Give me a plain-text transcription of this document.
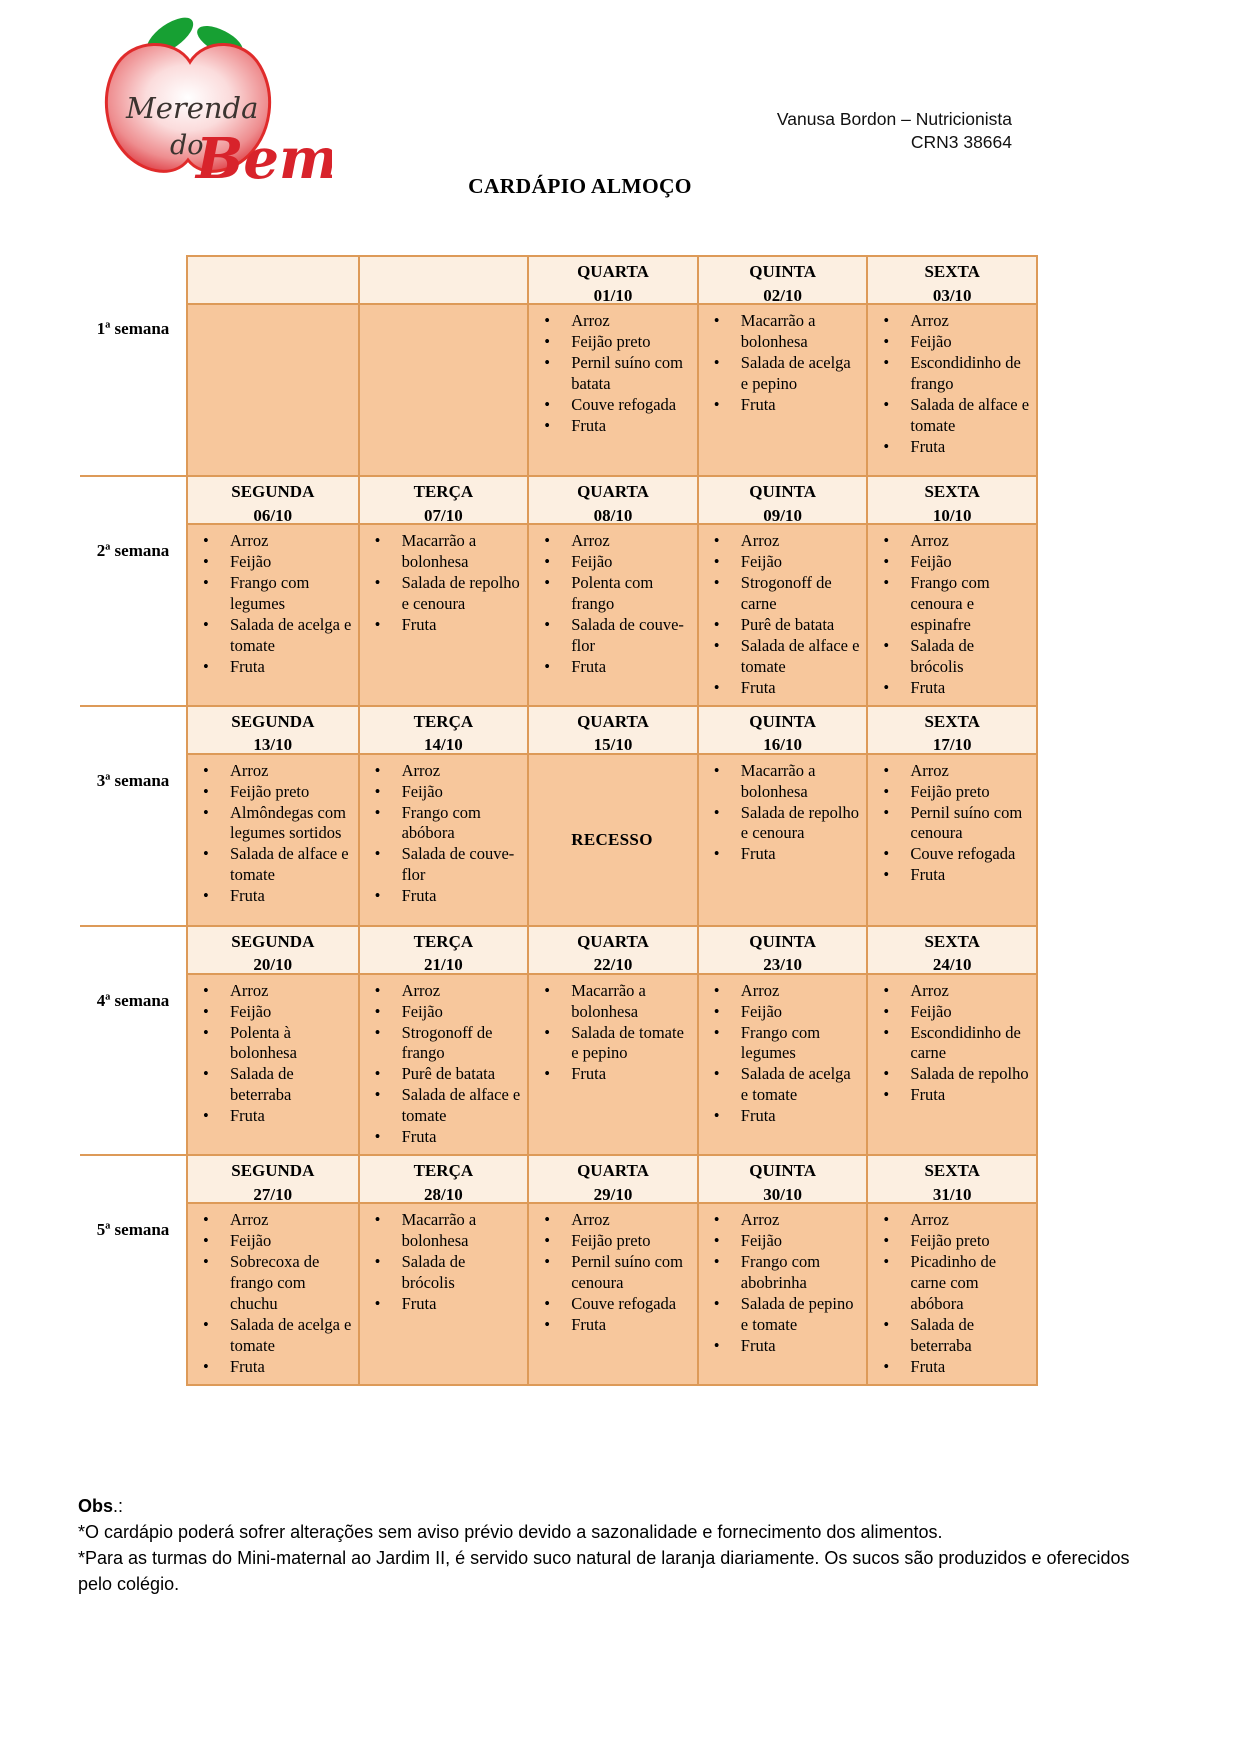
Merenda
do
Bem
Vanusa Bordon – Nutricionista
CRN3 38664
CARDÁPIO ALMOÇO
1ª semana
QUARTA
01/10
QUINTA
02/10
SEXTA
03/10
• Arroz
• Feijão preto
• Pernil suíno com batata
• Couve refogada
• Fruta
• Macarrão a bolonhesa
• Salada de acelga e pepino
• Fruta
• Arroz
• Feijão
• Escondidinho de frango
• Salada de alface e tomate
• Fruta
2ª semana
SEGUNDA
06/10
TERÇA
07/10
QUARTA
08/10
QUINTA
09/10
SEXTA
10/10
• Arroz
• Feijão
• Frango com legumes
• Salada de acelga e tomate
• Fruta
• Macarrão a bolonhesa
• Salada de repolho e cenoura
• Fruta
• Arroz
• Feijão
• Polenta com frango
• Salada de couve-flor
• Fruta
• Arroz
• Feijão
• Strogonoff de carne
• Purê de batata
• Salada de alface e tomate
• Fruta
• Arroz
• Feijão
• Frango com cenoura e espinafre
• Salada de brócolis
• Fruta
3ª semana
SEGUNDA
13/10
TERÇA
14/10
QUARTA
15/10
QUINTA
16/10
SEXTA
17/10
• Arroz
• Feijão preto
• Almôndegas com legumes sortidos
• Salada de alface e tomate
• Fruta
• Arroz
• Feijão
• Frango com abóbora
• Salada de couve-flor
• Fruta
RECESSO
• Macarrão a bolonhesa
• Salada de repolho e cenoura
• Fruta
• Arroz
• Feijão preto
• Pernil suíno com cenoura
• Couve refogada
• Fruta
4ª semana
SEGUNDA
20/10
TERÇA
21/10
QUARTA
22/10
QUINTA
23/10
SEXTA
24/10
• Arroz
• Feijão
• Polenta à bolonhesa
• Salada de beterraba
• Fruta
• Arroz
• Feijão
• Strogonoff de frango
• Purê de batata
• Salada de alface e tomate
• Fruta
• Macarrão a bolonhesa
• Salada de tomate e pepino
• Fruta
• Arroz
• Feijão
• Frango com legumes
• Salada de acelga e tomate
• Fruta
• Arroz
• Feijão
• Escondidinho de carne
• Salada de repolho
• Fruta
5ª semana
SEGUNDA
27/10
TERÇA
28/10
QUARTA
29/10
QUINTA
30/10
SEXTA
31/10
• Arroz
• Feijão
• Sobrecoxa de frango com chuchu
• Salada de acelga e tomate
• Fruta
• Macarrão a bolonhesa
• Salada de brócolis
• Fruta
• Arroz
• Feijão preto
• Pernil suíno com cenoura
• Couve refogada
• Fruta
• Arroz
• Feijão
• Frango com abobrinha
• Salada de pepino e tomate
• Fruta
• Arroz
• Feijão preto
• Picadinho de carne com abóbora
• Salada de beterraba
• Fruta

Obs.:

*O cardápio poderá sofrer alterações sem aviso prévio devido a sazonalidade e fornecimento dos alimentos.

*Para as turmas do Mini-maternal ao Jardim II, é servido suco natural de laranja diariamente. Os sucos são produzidos e oferecidos pelo colégio.
